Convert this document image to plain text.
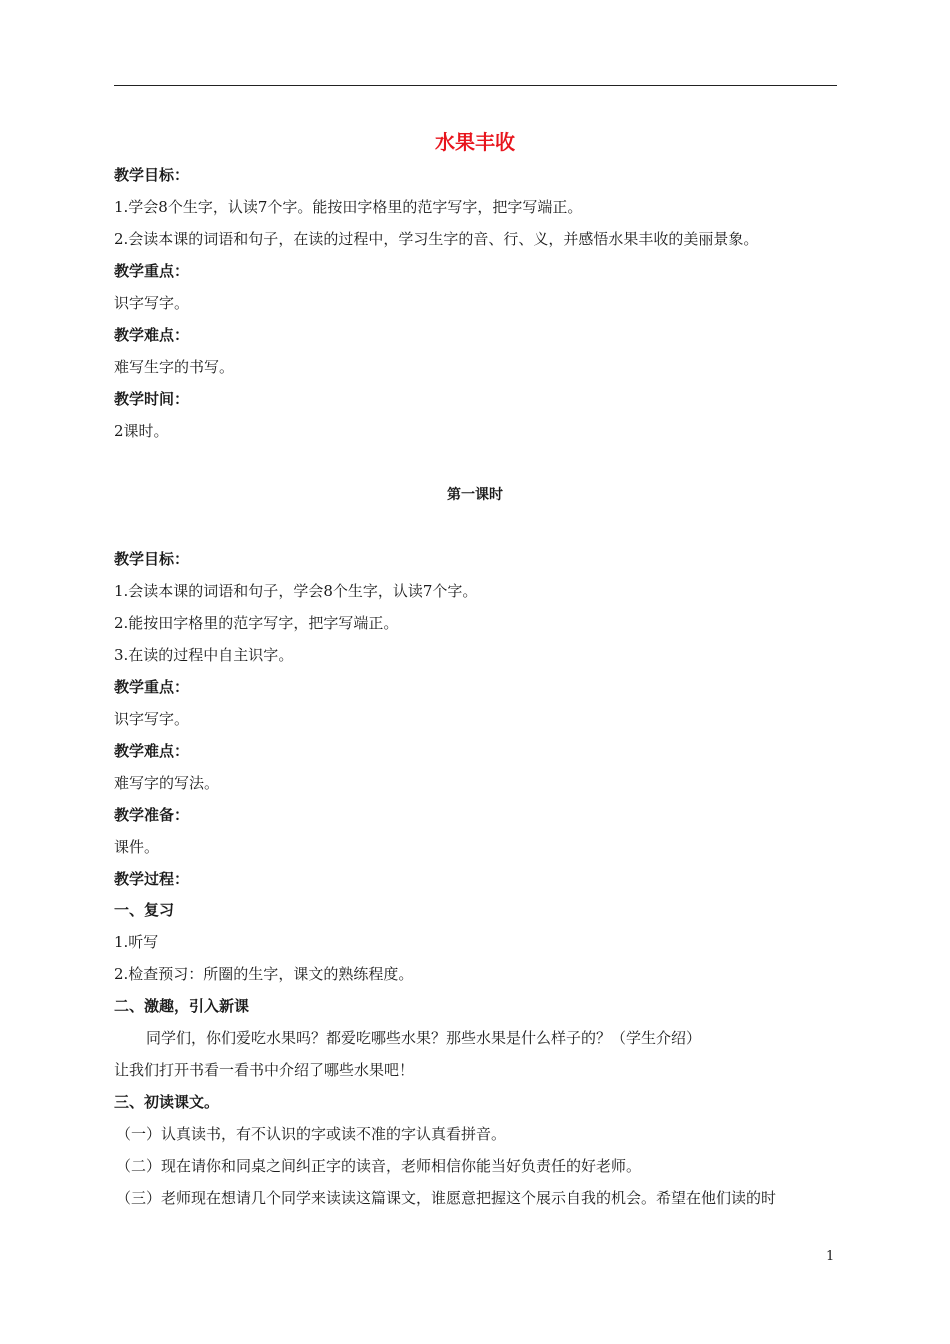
水果丰收
教学目标：
1.学会8个生字，认读7个字。能按田字格里的范字写字，把字写端正。
2.会读本课的词语和句子，在读的过程中，学习生字的音、行、义，并感悟水果丰收的美丽景象。
教学重点：
识字写字。
教学难点：
难写生字的书写。
教学时间：
2课时。
第一课时
教学目标：
1.会读本课的词语和句子，学会8个生字，认读7个字。
2.能按田字格里的范字写字，把字写端正。
3.在读的过程中自主识字。
教学重点：
识字写字。
教学难点：
难写字的写法。
教学准备：
课件。
教学过程：
一、复习
1.听写
2.检查预习：所圈的生字，课文的熟练程度。
二、激趣，引入新课
同学们，你们爱吃水果吗？都爱吃哪些水果？那些水果是什么样子的？（学生介绍）
让我们打开书看一看书中介绍了哪些水果吧！
三、初读课文。
（一）认真读书，有不认识的字或读不准的字认真看拼音。
（二）现在请你和同桌之间纠正字的读音，老师相信你能当好负责任的好老师。
（三）老师现在想请几个同学来读读这篇课文，谁愿意把握这个展示自我的机会。希望在他们读的时
1
